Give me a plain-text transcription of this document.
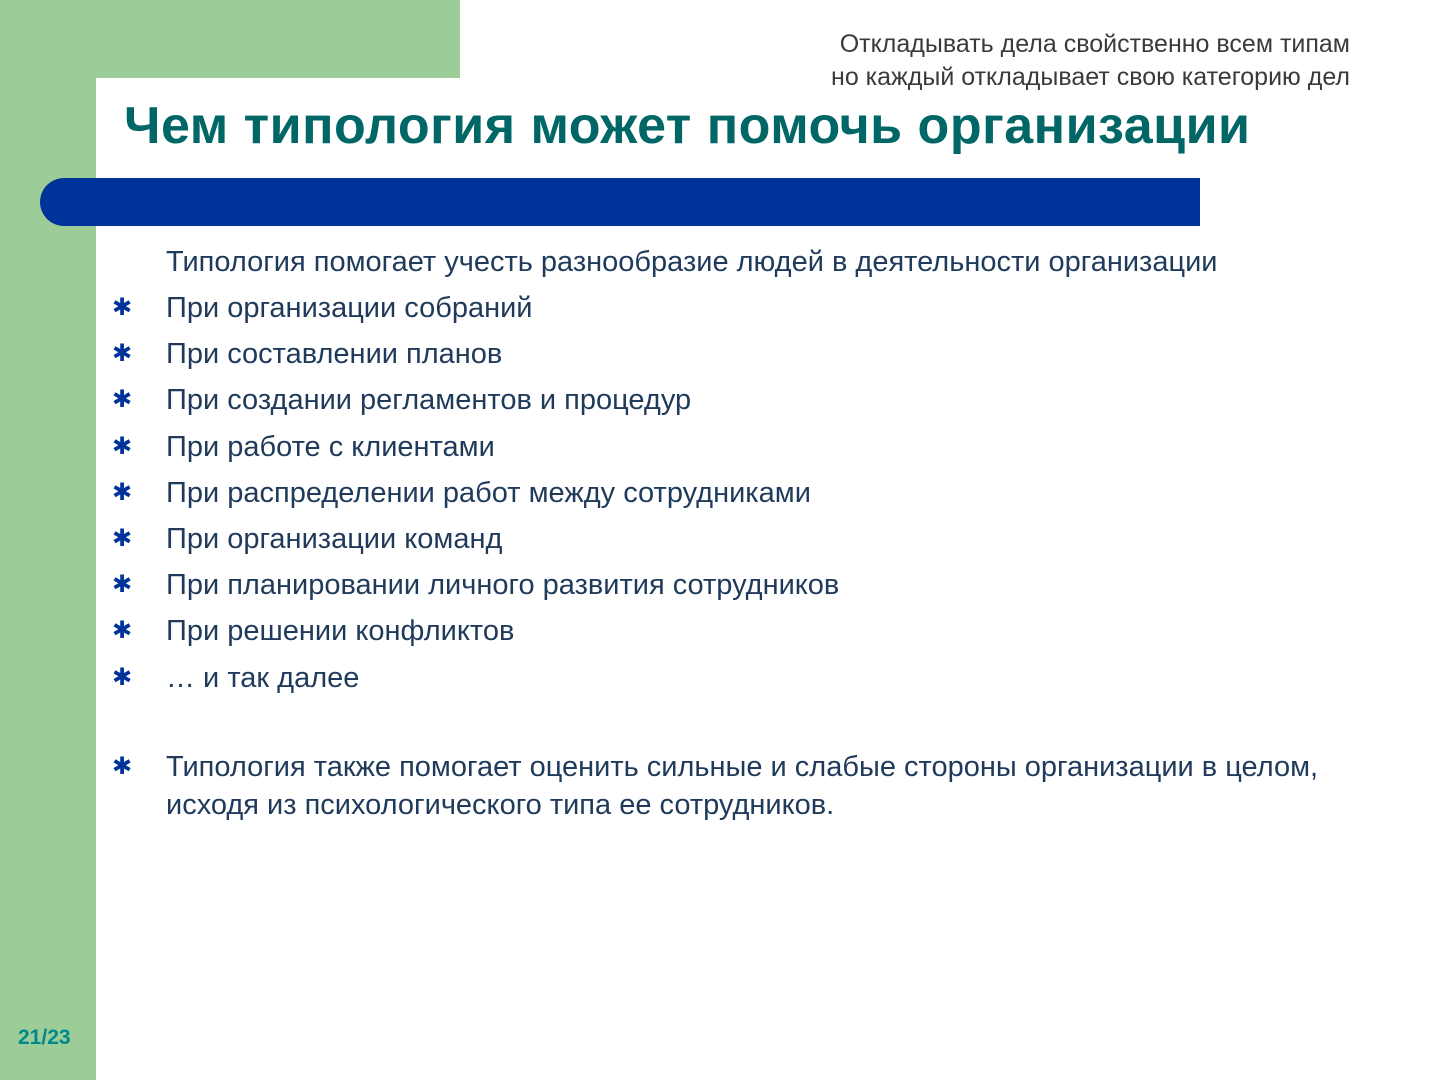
Откладывать дела свойственно всем типам
но каждый откладывает свою категорию дел
Чем типология может помочь организации
Типология помогает учесть разнообразие людей в деятельности организации
✱ При организации собраний
✱ При составлении планов
✱ При создании регламентов и процедур
✱ При работе с клиентами
✱ При распределении работ между сотрудниками
✱ При организации команд
✱ При планировании личного развития сотрудников
✱ При решении конфликтов
✱ … и так далее
✱ Типология также помогает оценить сильные и слабые стороны организации в целом, исходя из психологического типа ее сотрудников.
21/23
